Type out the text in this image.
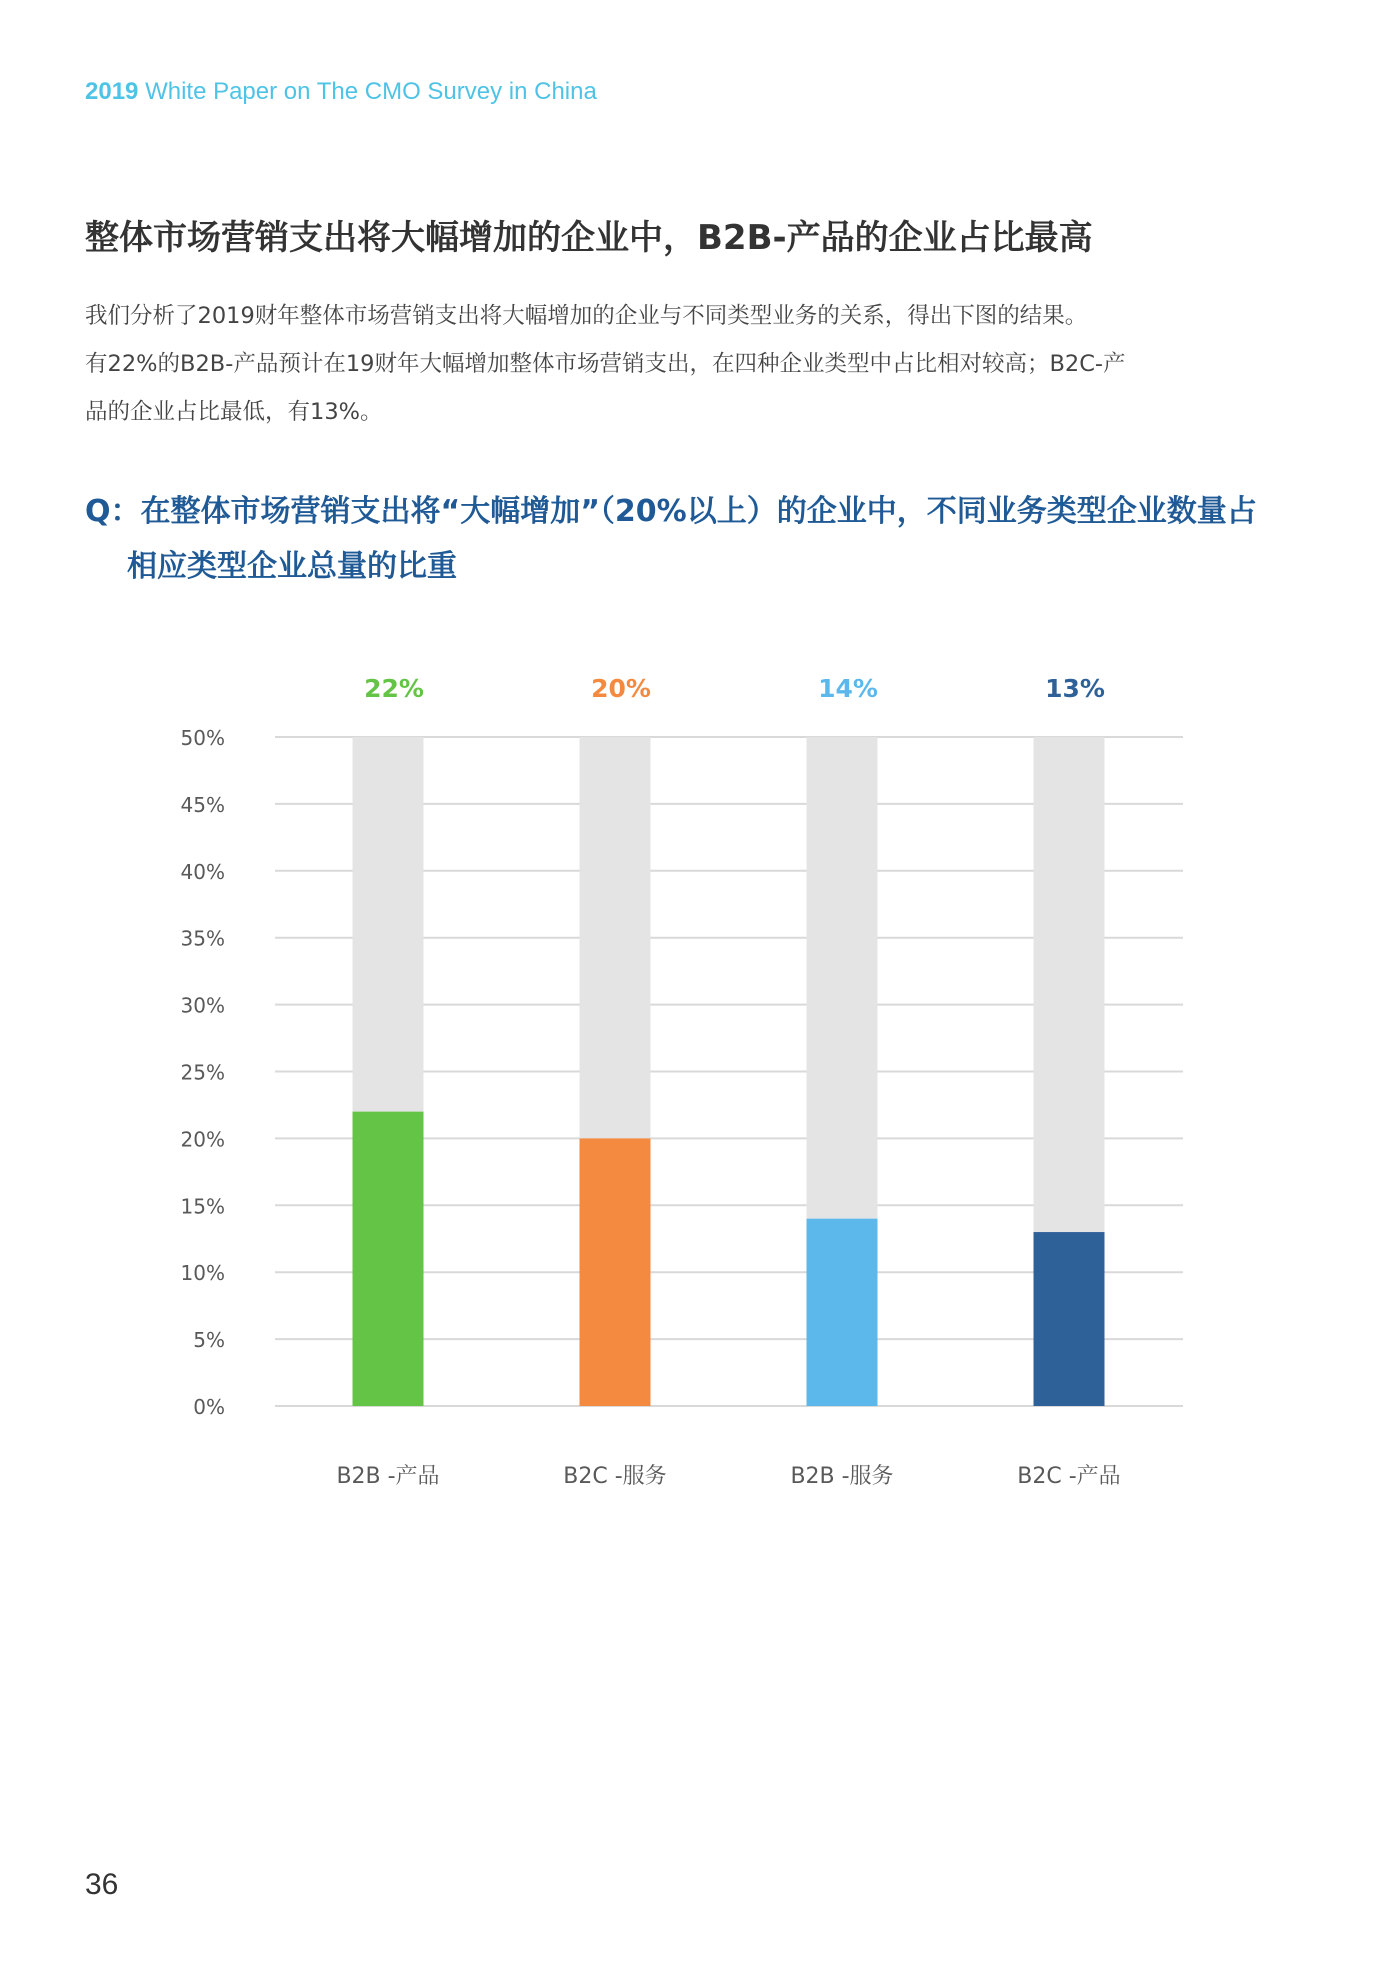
2019 White Paper on The CMO Survey in China
整体市场营销支出将大幅增加的企业中，B2B-产品的企业占比最高

我们分析了2019财年整体市场营销支出将大幅增加的企业与不同类型业务的关系，得出下图的结果。

有22%的B2B-产品预计在19财年大幅增加整体市场营销支出，在四种企业类型中占比相对较高；B2C-产

品的企业占比最低，有13%。

Q：在整体市场营销支出将“大幅增加”（20%以上）的企业中，不同业务类型企业数量占
相应类型企业总量的比重
0%
5%
10%
15%
20%
25%
30%
35%
40%
45%
50%
22%
B2B -产品
20%
B2C -服务
14%
B2B -服务
13%
B2C -产品
36
